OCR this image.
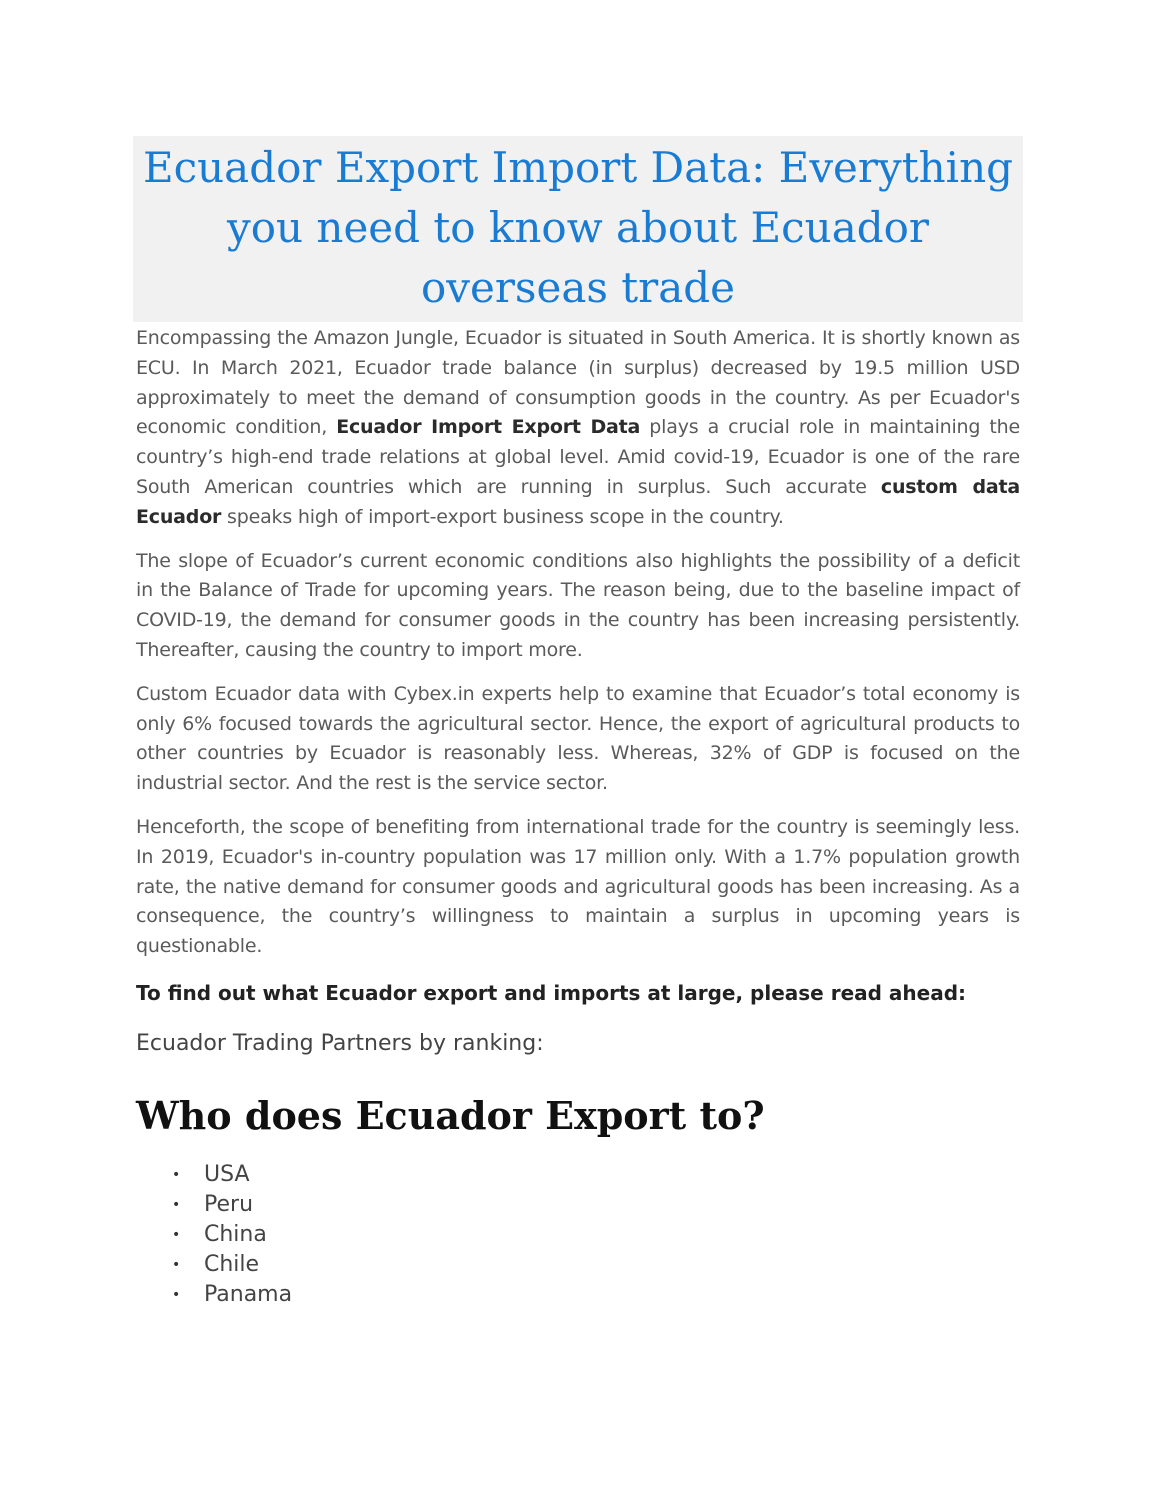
Ecuador Export Import Data: Everything you need to know about Ecuador overseas trade

Encompassing the Amazon Jungle, Ecuador is situated in South America. It is shortly known as ECU. In March 2021, Ecuador trade balance (in surplus) decreased by 19.5 million USD approximately to meet the demand of consumption goods in the country. As per Ecuador's economic condition, Ecuador Import Export Data plays a crucial role in maintaining the country’s high-end trade relations at global level. Amid covid-19, Ecuador is one of the rare South American countries which are running in surplus. Such accurate custom data Ecuador speaks high of import-export business scope in the country.

The slope of Ecuador’s current economic conditions also highlights the possibility of a deficit in the Balance of Trade for upcoming years. The reason being, due to the baseline impact of COVID-19, the demand for consumer goods in the country has been increasing persistently. Thereafter, causing the country to import more.

Custom Ecuador data with Cybex.in experts help to examine that Ecuador’s total economy is only 6% focused towards the agricultural sector. Hence, the export of agricultural products to other countries by Ecuador is reasonably less. Whereas, 32% of GDP is focused on the industrial sector. And the rest is the service sector.

Henceforth, the scope of benefiting from international trade for the country is seemingly less. In 2019, Ecuador's in-country population was 17 million only. With a 1.7% population growth rate, the native demand for consumer goods and agricultural goods has been increasing. As a consequence, the country’s willingness to maintain a surplus in upcoming years is questionable.

To find out what Ecuador export and imports at large, please read ahead:

Ecuador Trading Partners by ranking:

Who does Ecuador Export to?
• USA
• Peru
• China
• Chile
• Panama
